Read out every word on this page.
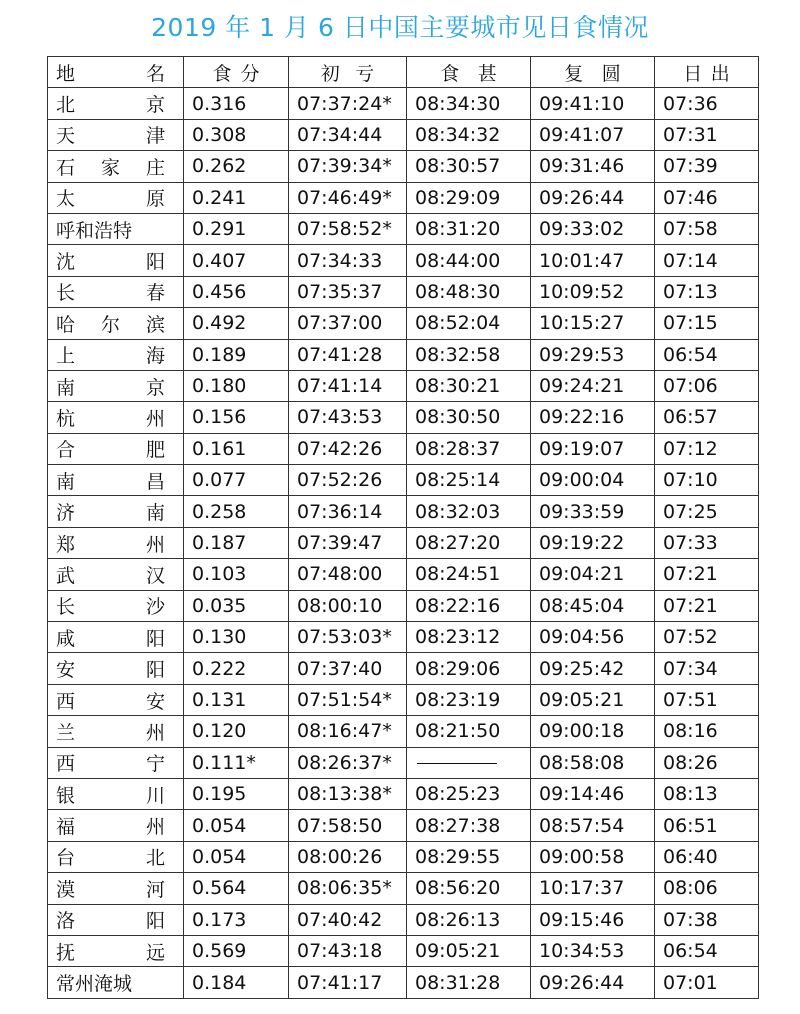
2019 年 1 月 6 日中国主要城市见日食情况
地 名	食 分	初 亏	食 甚	复 圆	日 出

北 京	0.316	07:37:24*	08:34:30	09:41:10	07:36

天 津	0.308	07:34:44	08:34:32	09:41:07	07:31

石 家 庄	0.262	07:39:34*	08:30:57	09:31:46	07:39

太 原	0.241	07:46:49*	08:29:09	09:26:44	07:46

呼和浩特	0.291	07:58:52*	08:31:20	09:33:02	07:58

沈 阳	0.407	07:34:33	08:44:00	10:01:47	07:14

长 春	0.456	07:35:37	08:48:30	10:09:52	07:13

哈 尔 滨	0.492	07:37:00	08:52:04	10:15:27	07:15

上 海	0.189	07:41:28	08:32:58	09:29:53	06:54

南 京	0.180	07:41:14	08:30:21	09:24:21	07:06

杭 州	0.156	07:43:53	08:30:50	09:22:16	06:57

合 肥	0.161	07:42:26	08:28:37	09:19:07	07:12

南 昌	0.077	07:52:26	08:25:14	09:00:04	07:10

济 南	0.258	07:36:14	08:32:03	09:33:59	07:25

郑 州	0.187	07:39:47	08:27:20	09:19:22	07:33

武 汉	0.103	07:48:00	08:24:51	09:04:21	07:21

长 沙	0.035	08:00:10	08:22:16	08:45:04	07:21

咸 阳	0.130	07:53:03*	08:23:12	09:04:56	07:52

安 阳	0.222	07:37:40	08:29:06	09:25:42	07:34

西 安	0.131	07:51:54*	08:23:19	09:05:21	07:51

兰 州	0.120	08:16:47*	08:21:50	09:00:18	08:16

西 宁	0.111*	08:26:37*		08:58:08	08:26

银 川	0.195	08:13:38*	08:25:23	09:14:46	08:13

福 州	0.054	07:58:50	08:27:38	08:57:54	06:51

台 北	0.054	08:00:26	08:29:55	09:00:58	06:40

漠 河	0.564	08:06:35*	08:56:20	10:17:37	08:06

洛 阳	0.173	07:40:42	08:26:13	09:15:46	07:38

抚 远	0.569	07:43:18	09:05:21	10:34:53	06:54

常州淹城	0.184	07:41:17	08:31:28	09:26:44	07:01
